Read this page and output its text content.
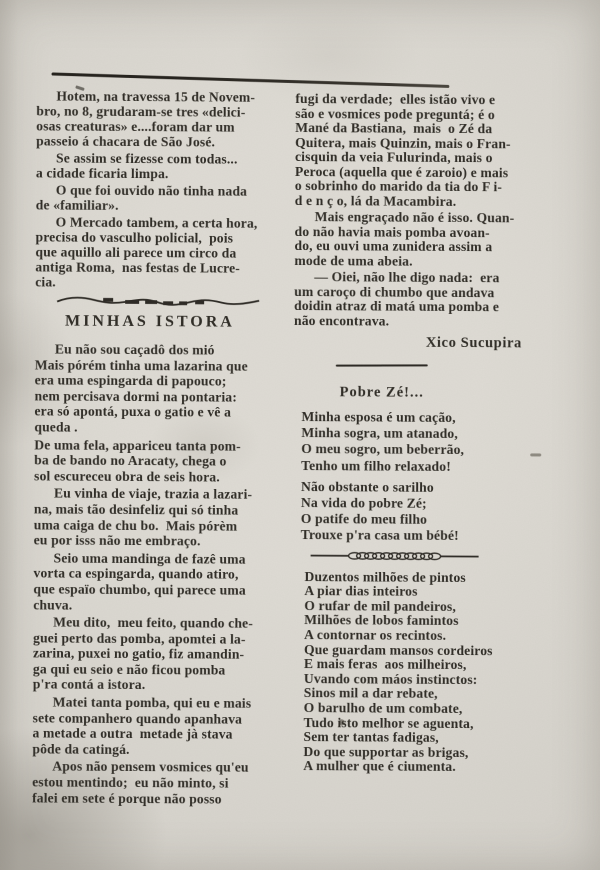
Hotem, na travessa 15 de Novem-
bro, no 8, grudaram-se tres «delici-
osas creaturas» e....foram dar um
passeio á chacara de São José.
Se assim se fizesse com todas...
a cidade ficaria limpa.
O que foi ouvido não tinha nada
de «familiar».
O Mercado tambem, a certa hora,
precisa do vasculho policial,  pois
que aquillo ali parece um circo da
antiga Roma,  nas festas de Lucre-
cia.
MINHAS ISTORA
Eu não sou caçadô dos mió
Mais pórém tinha uma lazarina que
era uma espingarda di papouco;
nem percisava dormi na pontaria:
era só apontá, puxa o gatio e vê a
queda .
De uma fela, appariceu tanta pom-
ba de bando no Aracaty, chega o
sol escureceu obra de seis hora.
Eu vinha de viaje, trazia a lazari-
na, mais tão desinfeliz qui só tinha
uma caiga de chu bo.  Mais pórèm
eu por isss não me embraço.
Seio uma mandinga de fazê uma
vorta ca espingarda, quando atiro,
que espaïo chumbo, qui parece uma
chuva.
Meu dito,  meu feito, quando che-
guei perto das pomba, apomtei a la-
zarina, puxei no gatio, fiz amandin-
ga qui eu seio e não ficou pomba
p'ra contá a istora.
Matei tanta pomba, qui eu e mais
sete companhero quando apanhava
a metade a outra  metade jà stava
pôde da catingá.
Apos não pensem vosmices qu'eu
estou mentindo;  eu não minto, si
falei em sete é porque não posso
fugi da verdade;  elles istão vivo e
são e vosmices pode preguntá; é o
Mané da Bastiana,  mais  o Zé da
Quitera, mais Quinzin, mais o Fran-
cisquin da veia Fulurinda, mais o
Peroca (aquella que é zaroio) e mais
o sobrinho do marido da tia do F i-
d e n ç o, lá da Macambira.
Mais engraçado não é isso. Quan-
do não havia mais pomba avoan-
do, eu ouvi uma zunidera assim a
mode de uma abeia.
— Oiei, não lhe digo nada:  era
um caroço di chumbo que andava
doidin atraz di matá uma pomba e
não encontrava.
Xico Sucupira
Pobre Zé!...
Minha esposa é um cação,
Minha sogra, um atanado,
O meu sogro, um beberrão,
Tenho um filho relaxado!
Não obstante o sarilho
Na vida do pobre Zé;
O patife do meu filho
Trouxe p'ra casa um bébé!
Duzentos milhões de pintos
A piar dias inteiros
O rufar de mil pandeiros,
Milhões de lobos famintos
A contornar os recintos.
Que guardam mansos cordeiros
E mais feras  aos milheiros,
Uvando com máos instinctos:
Sinos mil a dar rebate,
O barulho de um combate,
Tudo isto melhor se aguenta,
Sem ter tantas fadigas,
Do que supportar as brigas,
A mulher que é ciumenta.
